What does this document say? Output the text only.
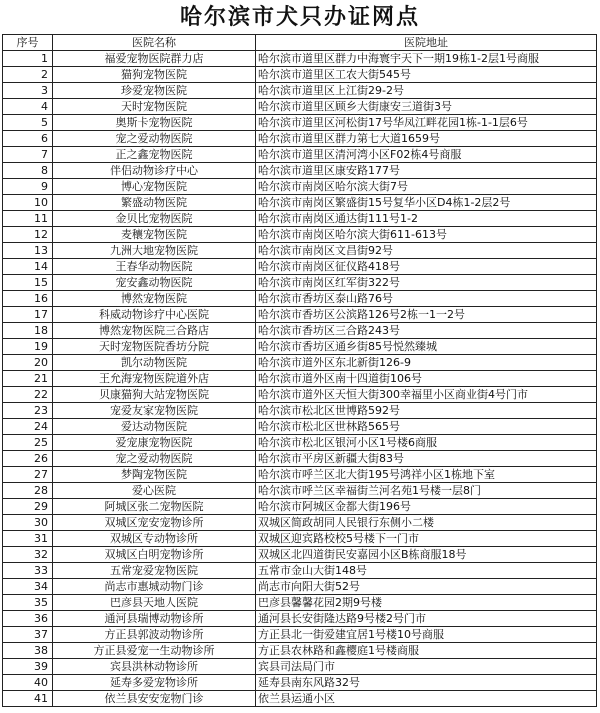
哈尔滨市犬只办证网点
序号	医院名称	医院地址
1	福爱宠物医院群力店	哈尔滨市道里区群力中海寰宇天下一期19栋1-2层1号商服
2	猫狗宠物医院	哈尔滨市道里区工农大街545号
3	珍爱宠物医院	哈尔滨市道里区上江街29-2号
4	天时宠物医院	哈尔滨市道里区顾乡大街康安三道街3号
5	奥斯卡宠物医院	哈尔滨市道里区河松街17号华凤江畔花园1栋-1-1层6号
6	宠之爱动物医院	哈尔滨市道里区群力第七大道1659号
7	正之鑫宠物医院	哈尔滨市道里区清河湾小区F02栋4号商服
8	伴侣动物诊疗中心	哈尔滨市道里区康安路177号
9	博心宠物医院	哈尔滨市南岗区哈尔滨大街7号
10	繁盛动物医院	哈尔滨市南岗区繁盛街15号复华小区D4栋1-2层2号
11	金贝比宠物医院	哈尔滨市南岗区通达街111号1-2
12	麦穰宠物医院	哈尔滨市南岗区哈尔滨大街611-613号
13	九洲大地宠物医院	哈尔滨市南岗区文昌街92号
14	王春华动物医院	哈尔滨市南岗区征仪路418号
15	宠安鑫动物医院	哈尔滨市南岗区红军街322号
16	博然宠物医院	哈尔滨市香坊区泰山路76号
17	科威动物诊疗中心医院	哈尔滨市香坊区公滨路126号2栋一1一2号
18	博然宠物医院三合路店	哈尔滨市香坊区三合路243号
19	天时宠物医院香坊分院	哈尔滨市香坊区通乡街85号悦然臻城
20	凯尔动物医院	哈尔滨市道外区东北新街126-9
21	王允海宠物医院道外店	哈尔滨市道外区南十四道街106号
22	贝康猫狗大站宠物医院	哈尔滨市道外区天恒大街300幸福里小区商业街4号门市
23	宠爱友家宠物医院	哈尔滨市松北区世博路592号
24	爱达动物医院	哈尔滨市松北区世林路565号
25	爱宠康宠物医院	哈尔滨市松北区银河小区1号楼6商服
26	宠之爱动物医院	哈尔滨市平房区新疆大街83号
27	梦陶宠物医院	哈尔滨市呼兰区北大街195号鸿祥小区1栋地下室
28	爱心医院	哈尔滨市呼兰区幸福街兰河名苑1号楼一层8门
29	阿城区张二宠物医院	哈尔滨市阿城区金都大街196号
30	双城区宠安宠物诊所	双城区简政胡同人民银行东侧小二楼
31	双城区专动物诊所	双城区迎宾路校校5号楼下一门市
32	双城区白明宠物诊所	双城区北四道街民安嘉园小区B栋商服18号
33	五常宠爱宠物医院	五常市金山大街148号
34	尚志市惠城动物门诊	尚志市向阳大街52号
35	巴彦县天地人医院	巴彦县馨馨花园2期9号楼
36	通河县瑞博动物诊所	通河县长安街隆达路9号楼2号门市
37	方正县郭波动物诊所	方正县北一街爱建宜居1号楼10号商服
38	方正县爱宠一生动物诊所	方正县农林路和鑫樱庭1号楼商服
39	宾县洪林动物诊所	宾县司法局门市
40	延寿多爱宠物诊所	延寿县南东风路32号
41	依兰县安安宠物门诊	依兰县运通小区
